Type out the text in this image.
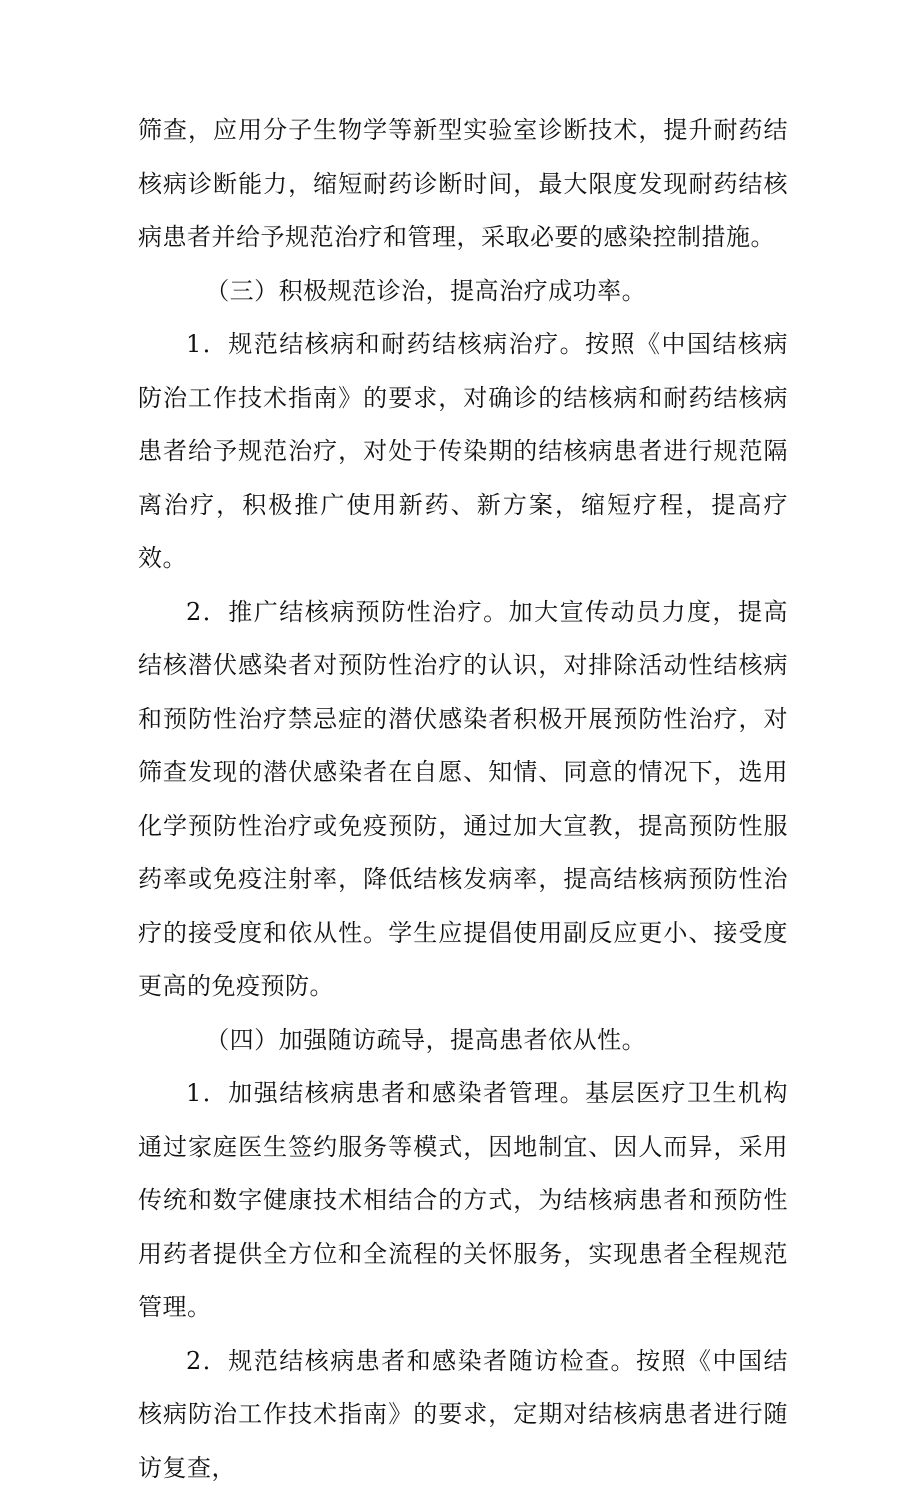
筛查，应用分子生物学等新型实验室诊断技术，提升耐药结核病诊断能力，缩短耐药诊断时间，最大限度发现耐药结核病患者并给予规范治疗和管理，采取必要的感染控制措施。

（三）积极规范诊治，提高治疗成功率。

1．规范结核病和耐药结核病治疗。按照《中国结核病防治工作技术指南》的要求，对确诊的结核病和耐药结核病患者给予规范治疗，对处于传染期的结核病患者进行规范隔离治疗，积极推广使用新药、新方案，缩短疗程，提高疗效。

2．推广结核病预防性治疗。加大宣传动员力度，提高结核潜伏感染者对预防性治疗的认识，对排除活动性结核病和预防性治疗禁忌症的潜伏感染者积极开展预防性治疗，对筛查发现的潜伏感染者在自愿、知情、同意的情况下，选用化学预防性治疗或免疫预防，通过加大宣教，提高预防性服药率或免疫注射率，降低结核发病率，提高结核病预防性治疗的接受度和依从性。学生应提倡使用副反应更小、接受度更高的免疫预防。

（四）加强随访疏导，提高患者依从性。

1．加强结核病患者和感染者管理。基层医疗卫生机构通过家庭医生签约服务等模式，因地制宜、因人而异，采用传统和数字健康技术相结合的方式，为结核病患者和预防性用药者提供全方位和全流程的关怀服务，实现患者全程规范管理。

2．规范结核病患者和感染者随访检查。按照《中国结核病防治工作技术指南》的要求，定期对结核病患者进行随访复查，
